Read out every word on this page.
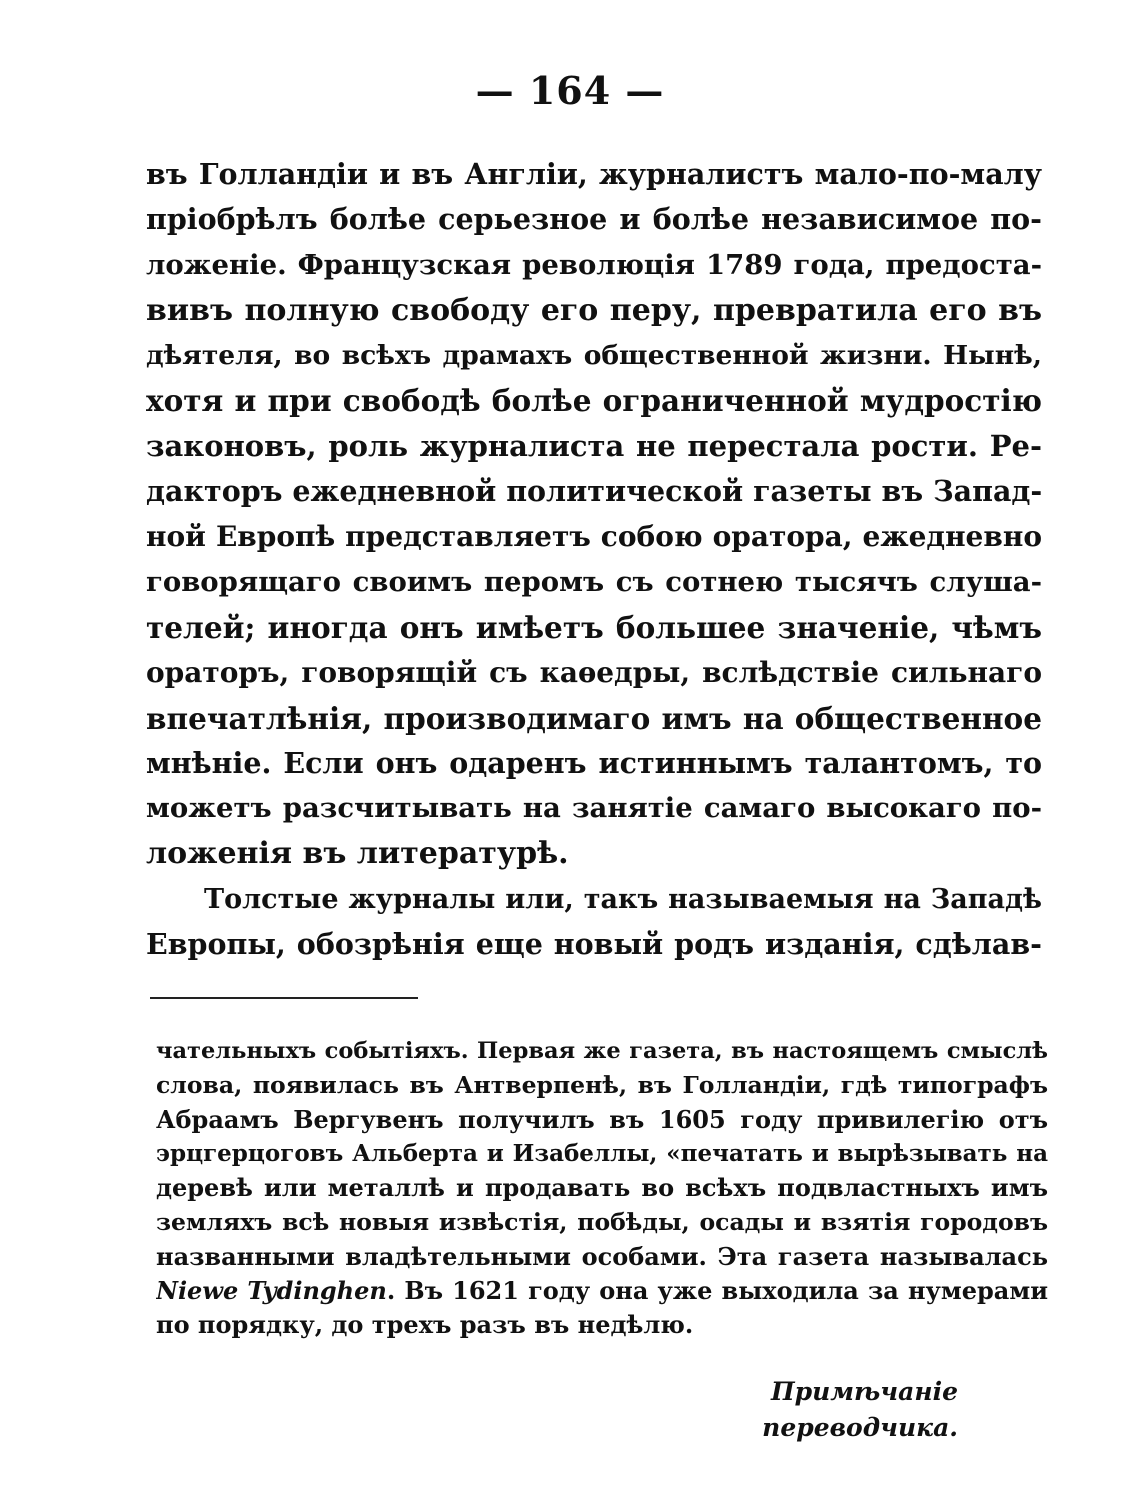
— 164 —
въ Голландіи и въ Англіи, журналистъ мало-по-малу
пріобрѣлъ болѣе серьезное и болѣе независимое по-
ложеніе. Французская революція 1789 года, предоста-
вивъ полную свободу его перу, превратила его въ
дѣятеля, во всѣхъ драмахъ общественной жизни. Нынѣ,
хотя и при свободѣ болѣе ограниченной мудростію
законовъ, роль журналиста не перестала рости. Ре-
дакторъ ежедневной политической газеты въ Запад-
ной Европѣ представляетъ собою оратора, ежедневно
говорящаго своимъ перомъ съ сотнею тысячъ слуша-
телей; иногда онъ имѣетъ большее значеніе, чѣмъ
ораторъ, говорящій съ каѳедры, вслѣдствіе сильнаго
впечатлѣнія, производимаго имъ на общественное
мнѣніе. Если онъ одаренъ истиннымъ талантомъ, то
можетъ разсчитывать на занятіе самаго высокаго по-
ложенія въ литературѣ.
Толстые журналы или, такъ называемыя на Западѣ
Европы, обозрѣнія еще новый родъ изданія, сдѣлав-
чательныхъ событіяхъ. Первая же газета, въ настоящемъ смыслѣ
слова, появилась въ Антверпенѣ, въ Голландіи, гдѣ типографъ
Абраамъ Вергувенъ получилъ въ 1605 году привилегію отъ
эрцгерцоговъ Альберта и Изабеллы, «печатать и вырѣзывать на
деревѣ или металлѣ и продавать во всѣхъ подвластныхъ имъ
земляхъ всѣ новыя извѣстія, побѣды, осады и взятія городовъ
названными владѣтельными особами. Эта газета называлась
Niewe Tydinghen. Въ 1621 году она уже выходила за нумерами
по порядку, до трехъ разъ въ недѣлю.
Примѣчаніе переводчика.
